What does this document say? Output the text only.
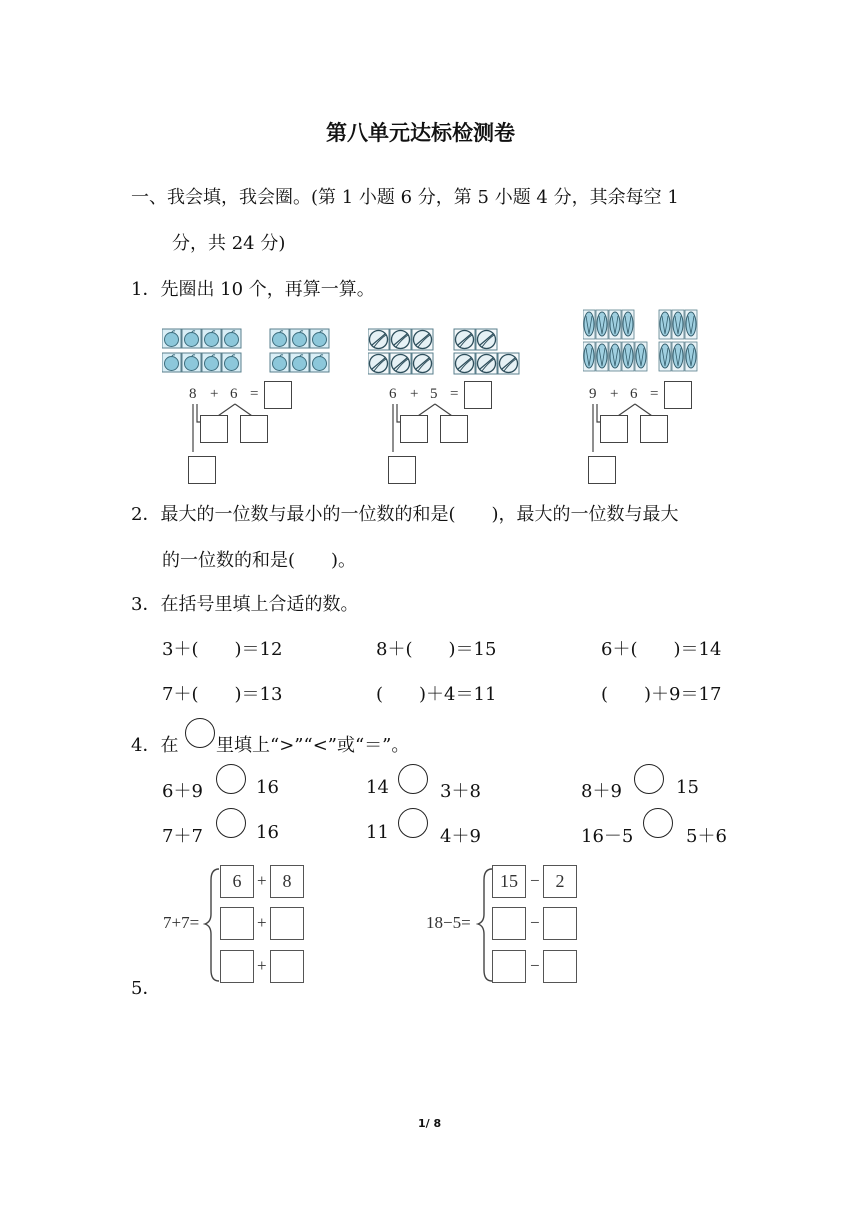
第八单元达标检测卷
一、我会填，我会圈。(第 1 小题 6 分，第 5 小题 4 分，其余每空 1
分，共 24 分)
1．先圈出 10 个，再算一算。
8 + 6 =	6 + 5 =	9 + 6 =
2．最大的一位数与最小的一位数的和是(　　)，最大的一位数与最大
的一位数的和是(　　)。
3．在括号里填上合适的数。
3＋(　　)＝12	8＋(　　)＝15	6＋(　　)＝14
7＋(　　)＝13	(　　)＋4＝11	(　　)＋9＝17
4．在 里填上“>”“<”或“＝”。
6＋9	16	14	3＋8	8＋9	15
7＋7	16	11	4＋9	16－5	5＋6
5．
7+7=
6 + 8
+
+
18−5=
15 − 2
−
−
1/ 8
